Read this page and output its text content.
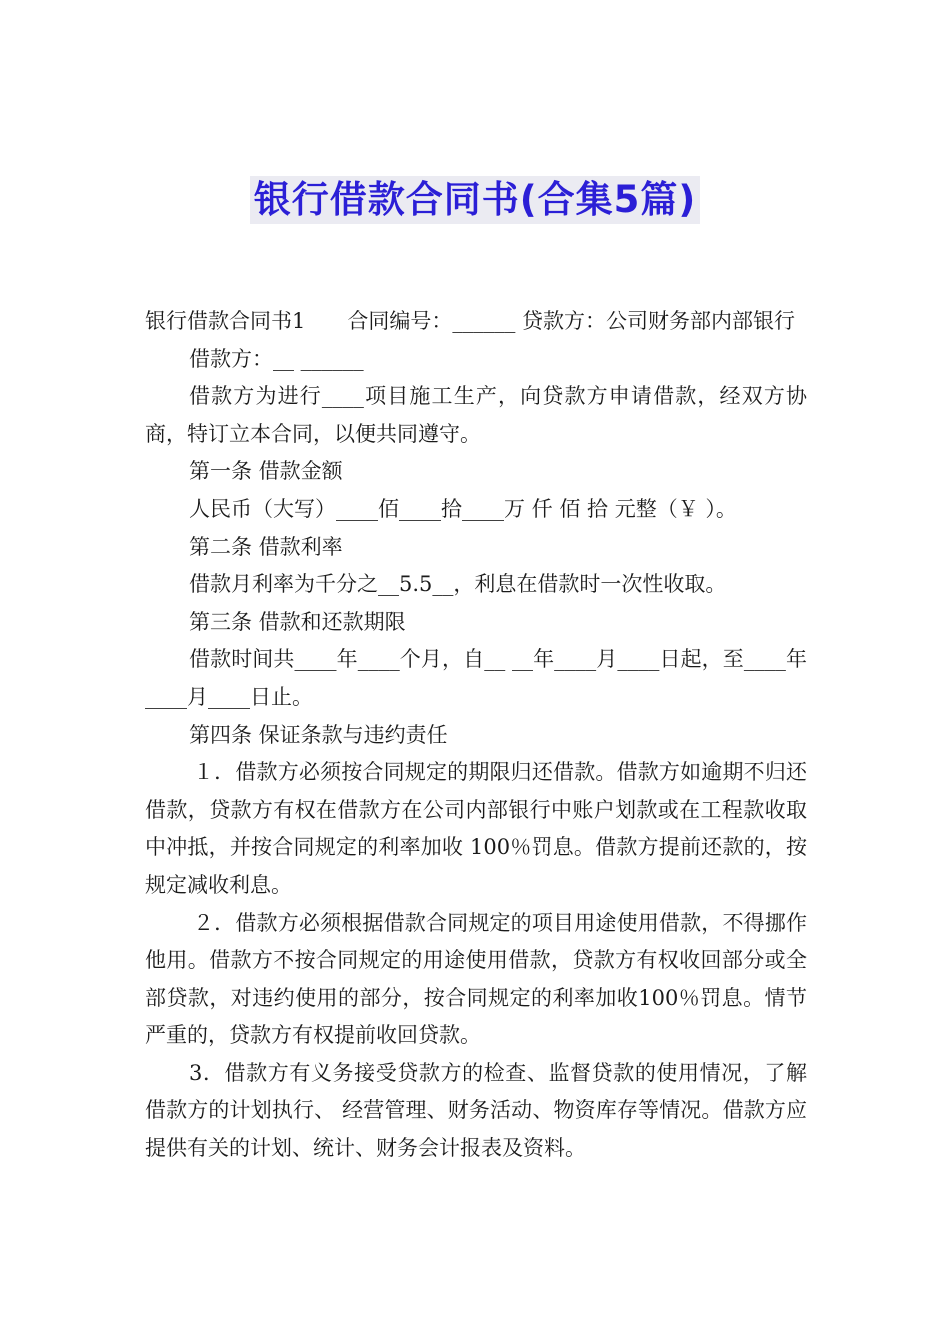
银行借款合同书(合集5篇)

银行借款合同书1　　合同编号：______ 贷款方：公司财务部内部银行

借款方：__ ______

借款方为进行____项目施工生产，向贷款方申请借款，经双方协商，特订立本合同，以便共同遵守。

第一条 借款金额

人民币（大写）____佰____拾____万 仟 佰 拾 元整（￥ ）。

第二条 借款利率

借款月利率为千分之__5.5__，利息在借款时一次性收取。

第三条 借款和还款期限

借款时间共____年____个月，自__ __年____月____日起，至____年____月____日止。

第四条 保证条款与违约责任

１．借款方必须按合同规定的期限归还借款。借款方如逾期不归还借款，贷款方有权在借款方在公司内部银行中账户划款或在工程款收取中冲抵，并按合同规定的利率加收 100％罚息。借款方提前还款的，按规定减收利息。

２．借款方必须根据借款合同规定的项目用途使用借款，不得挪作他用。借款方不按合同规定的用途使用借款，贷款方有权收回部分或全部贷款，对违约使用的部分，按合同规定的利率加收100％罚息。情节严重的，贷款方有权提前收回贷款。

3．借款方有义务接受贷款方的检查、监督贷款的使用情况，了解借款方的计划执行、 经营管理、财务活动、物资库存等情况。借款方应提供有关的计划、统计、财务会计报表及资料。
